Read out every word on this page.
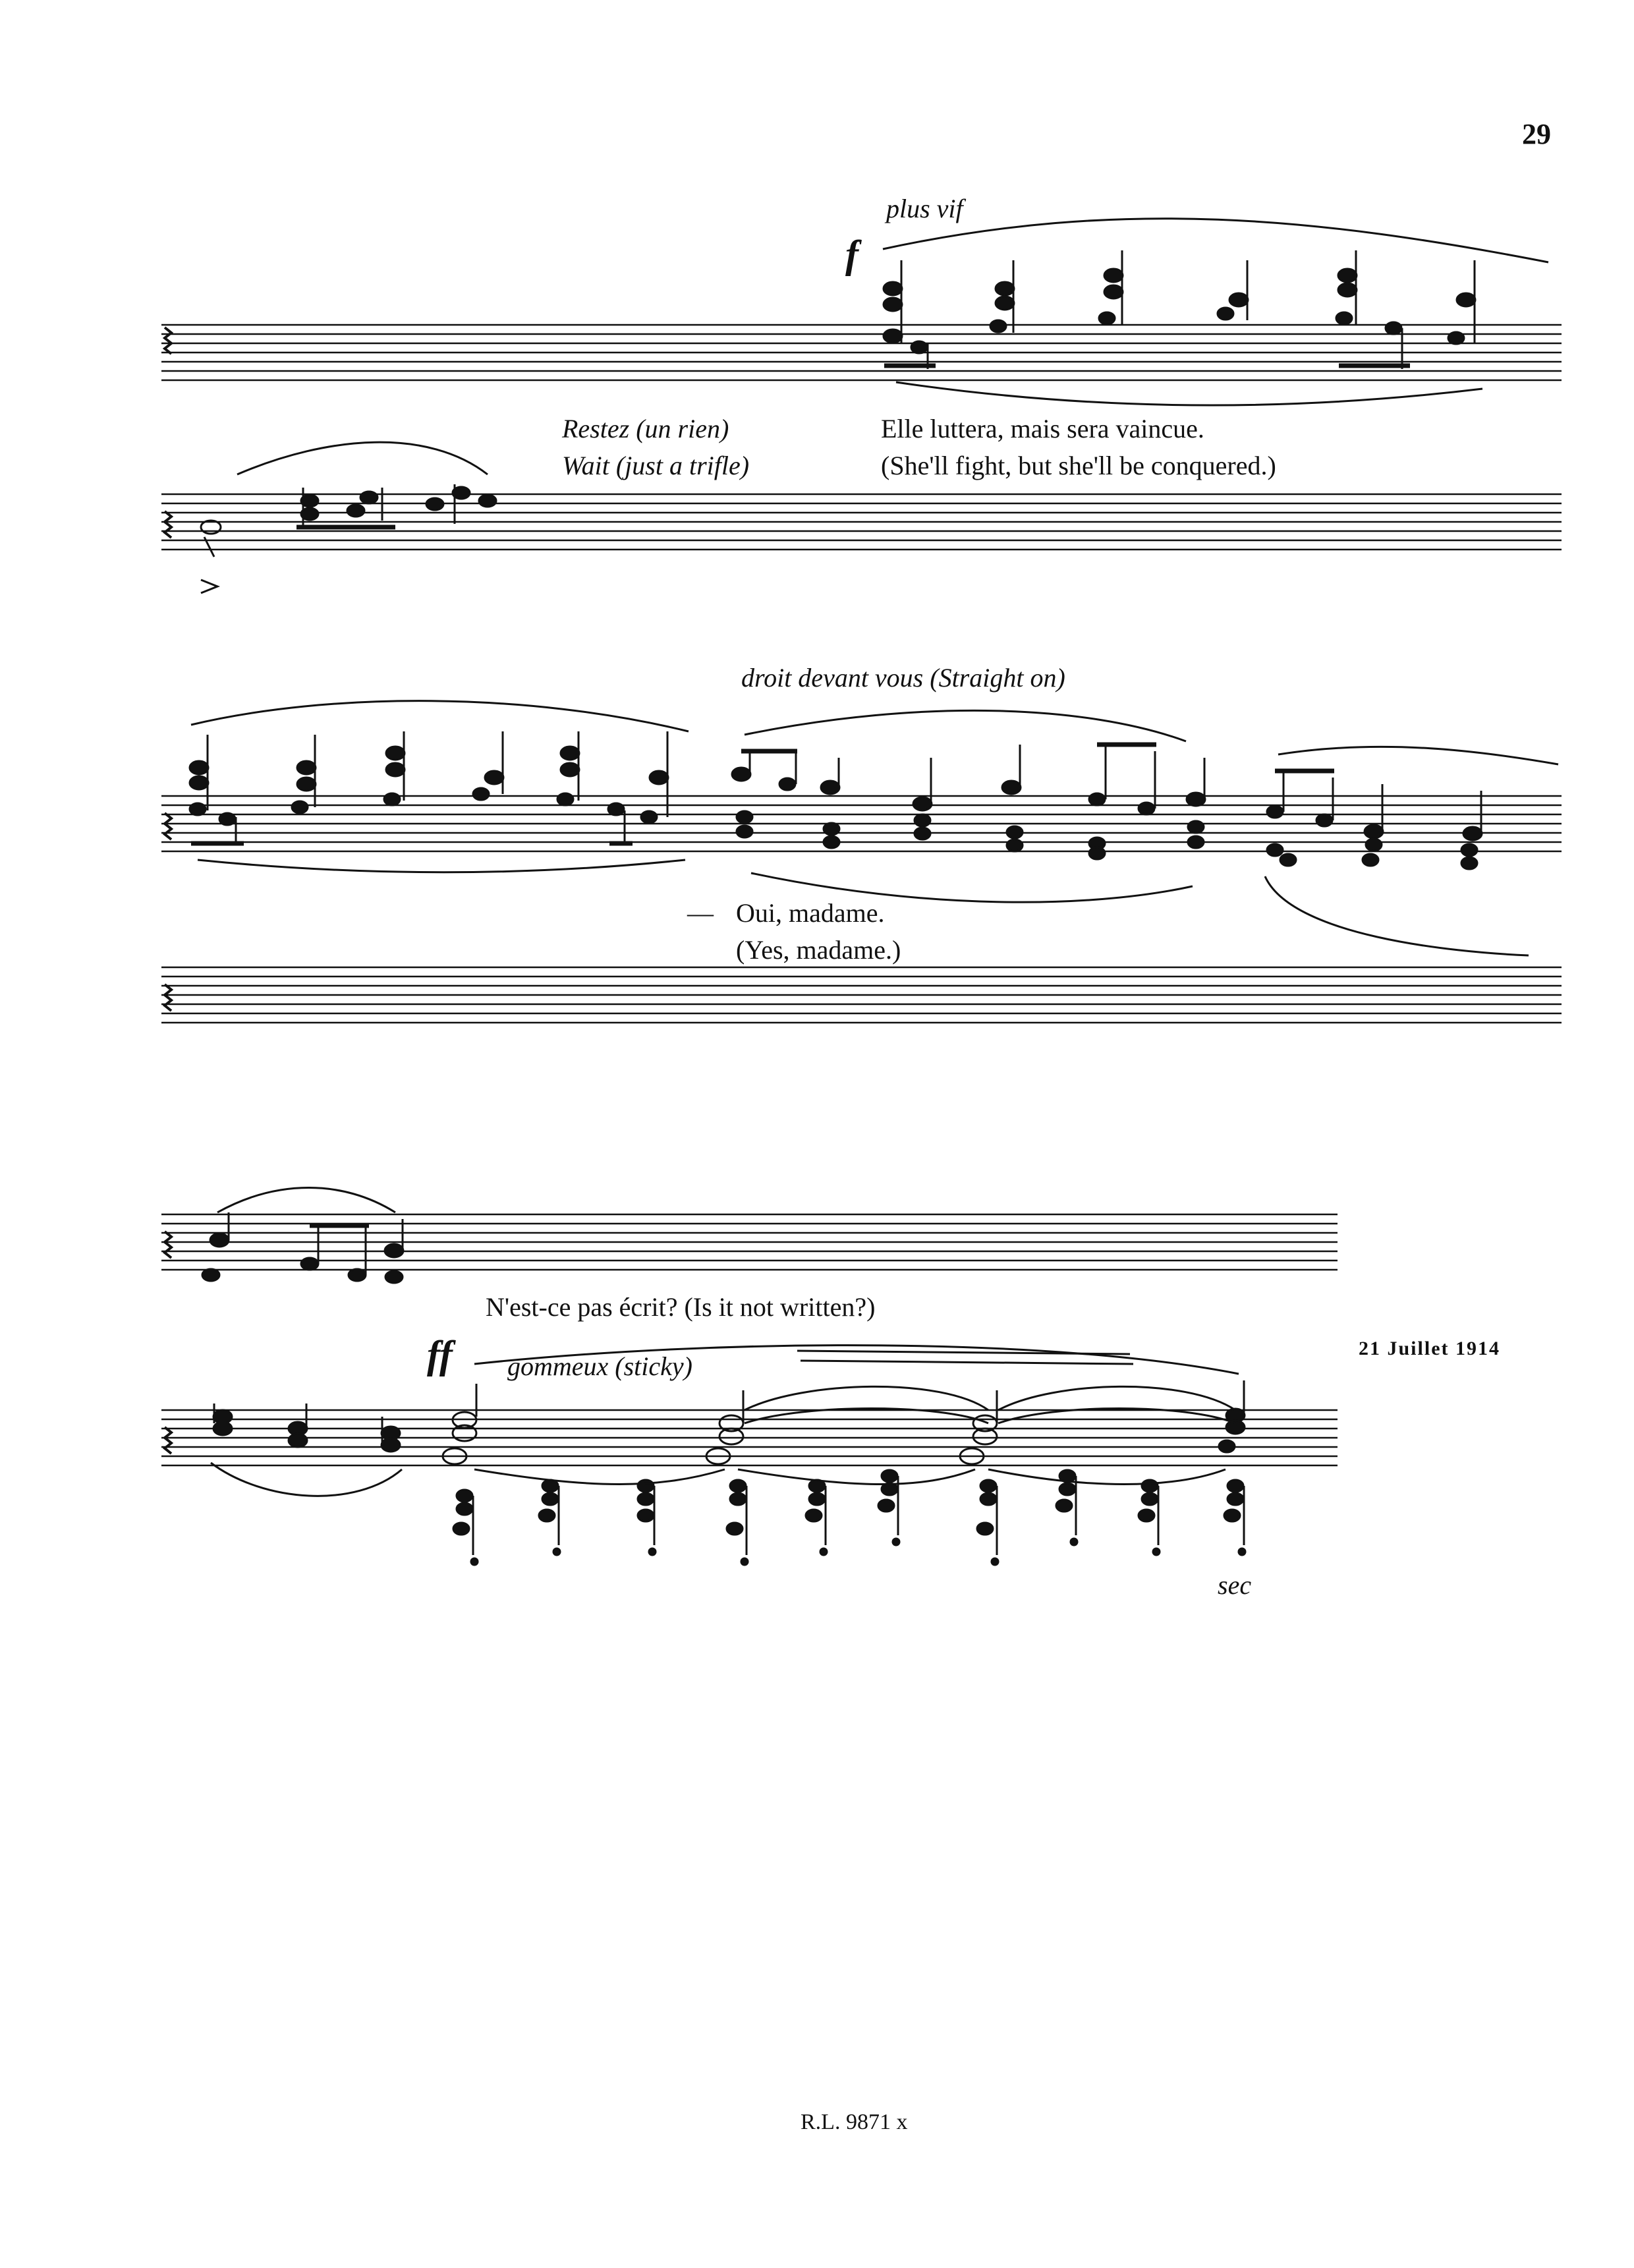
29
plus vif
f
Restez (un rien)
Wait (just a trifle)
Elle luttera, mais sera vaincue.
(She'll fight, but she'll be conquered.)
droit devant vous (Straight on)
— Oui, madame.
(Yes, madame.)
N'est-ce pas écrit? (Is it not written?)
ff gommeux (sticky)
sec
21 Juillet 1914
R.L. 9871 x
